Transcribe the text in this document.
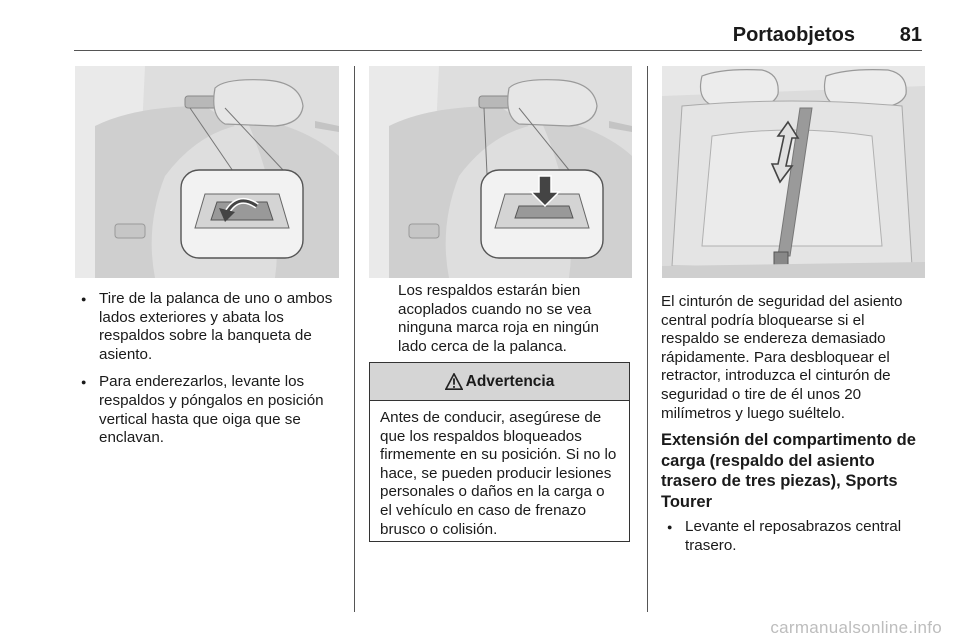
Portaobjetos 81
● Tire de la palanca de uno o ambos lados exteriores y abata los respaldos sobre la banqueta de asiento.
● Para enderezarlos, levante los respaldos y póngalos en posición vertical hasta que oiga que se enclavan.
Los respaldos estarán bien acoplados cuando no se vea ninguna marca roja en ningún lado cerca de la palanca.
Advertencia
Antes de conducir, asegúrese de que los respaldos bloqueados firmemente en su posición. Si no lo hace, se pueden producir lesiones personales o daños en la carga o el vehículo en caso de frenazo brusco o colisión.
El cinturón de seguridad del asiento central podría bloquearse si el respaldo se endereza demasiado rápidamente. Para desbloquear el retractor, introduzca el cinturón de seguridad o tire de él unos 20 milímetros y luego suéltelo.
Extensión del compartimento de carga (respaldo del asiento trasero de tres piezas), Sports Tourer
● Levante el reposabrazos central trasero.
carmanualsonline.info
